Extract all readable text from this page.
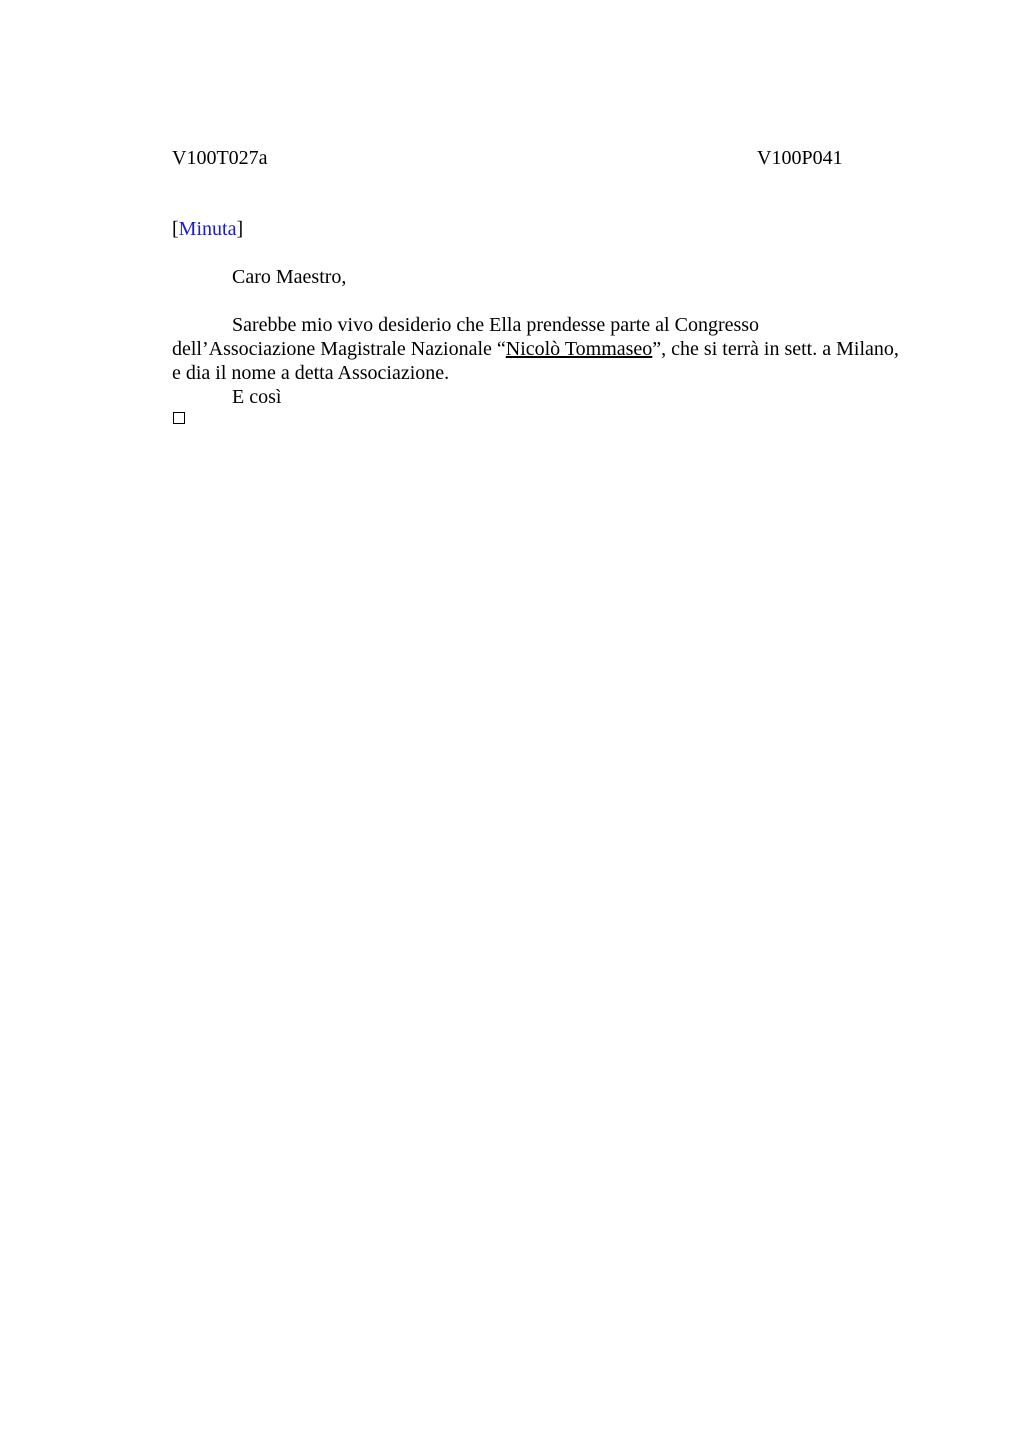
V100T027a	V100P041
[Minuta]
Caro Maestro,
Sarebbe mio vivo desiderio che Ella prendesse parte al Congresso
dell’Associazione Magistrale Nazionale “Nicolò Tommaseo”, che si terrà in sett. a Milano,
e dia il nome a detta Associazione.
E così
